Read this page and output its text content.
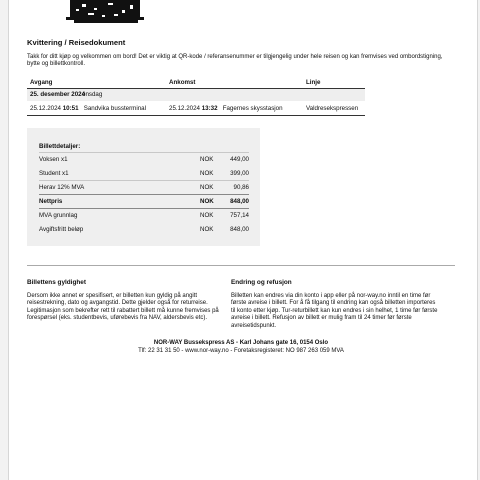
Kvittering / Reisedokument
Takk for ditt kjøp og velkommen om bord! Det er viktig at QR-kode / referansenummer er tilgjengelig under hele reisen og kan fremvises ved ombordstigning, bytte og billettkontroll.
Avgang	Ankomst	Linje
25. desember 2024
onsdag
25.12.2024 10:51 Sandvika bussterminal	25.12.2024 13:32 Fagernes skysstasjon	Valdresekspressen
Billettdetaljer:
Voksen x1	NOK	449,00
Student x1	NOK	399,00
Herav 12% MVA	NOK	90,86
Nettpris	NOK	848,00
MVA grunnlag	NOK	757,14
Avgiftsfritt beløp	NOK	848,00
Billettens gyldighet

Dersom ikke annet er spesifisert, er billetten kun gyldig på angitt reisestrekning, dato og avgangstid. Dette gjelder også for returreise. Legitimasjon som bekrefter rett til rabattert billett må kunne fremvises på forespørsel (eks. studentbevis, uførebevis fra NAV, aldersbevis etc).

Endring og refusjon

Billetten kan endres via din konto i app eller på nor-way.no inntil en time før første avreise i billett. For å få tilgang til endring kan også billetten importeres til konto etter kjøp. Tur-returbillett kan kun endres i sin helhet, 1 time før første avreise i billett. Refusjon av billett er mulig fram til 24 timer før første avreisetidspunkt.

NOR-WAY Bussekspress AS - Karl Johans gate 16, 0154 Oslo
Tlf: 22 31 31 50 - www.nor-way.no - Foretaksregisteret: NO 987 263 059 MVA
